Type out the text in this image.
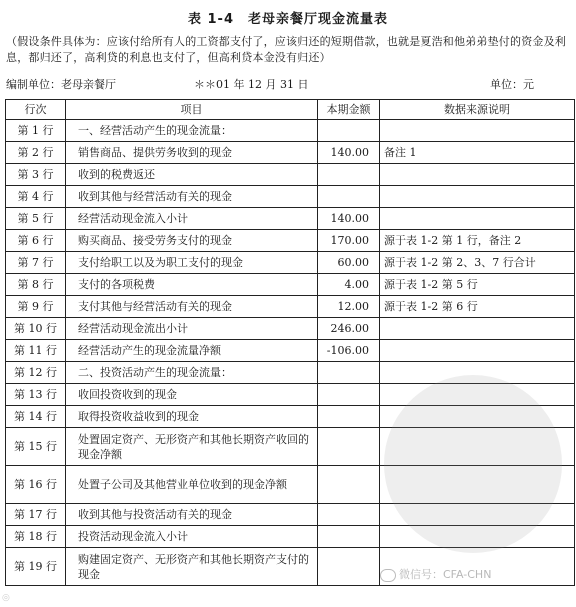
表 1-4　老母亲餐厅现金流量表
（假设条件具体为：应该付给所有人的工资都支付了，应该归还的短期借款，也就是夏浩和他弟弟垫付的资金及利息，都归还了，高利贷的利息也支付了，但高利贷本金没有归还）
编制单位：老母亲餐厅	＊＊01 年 12 月 31 日	单位：元
行次	项目	本期金额	数据来源说明
第 1 行	一、经营活动产生的现金流量：		
第 2 行	销售商品、提供劳务收到的现金	140.00	备注 1
第 3 行	收到的税费返还		
第 4 行	收到其他与经营活动有关的现金		
第 5 行	经营活动现金流入小计	140.00	
第 6 行	购买商品、接受劳务支付的现金	170.00	源于表 1-2 第 1 行，备注 2
第 7 行	支付给职工以及为职工支付的现金	60.00	源于表 1-2 第 2、3、7 行合计
第 8 行	支付的各项税费	4.00	源于表 1-2 第 5 行
第 9 行	支付其他与经营活动有关的现金	12.00	源于表 1-2 第 6 行
第 10 行	经营活动现金流出小计	246.00	
第 11 行	经营活动产生的现金流量净额	-106.00	
第 12 行	二、投资活动产生的现金流量：		
第 13 行	收回投资收到的现金		
第 14 行	取得投资收益收到的现金		
第 15 行	处置固定资产、无形资产和其他长期资产收回的现金净额		
第 16 行	处置子公司及其他营业单位收到的现金净额		
第 17 行	收到其他与投资活动有关的现金		
第 18 行	投资活动现金流入小计		
第 19 行	购建固定资产、无形资产和其他长期资产支付的现金			微信号：CFA-CHN
◎
